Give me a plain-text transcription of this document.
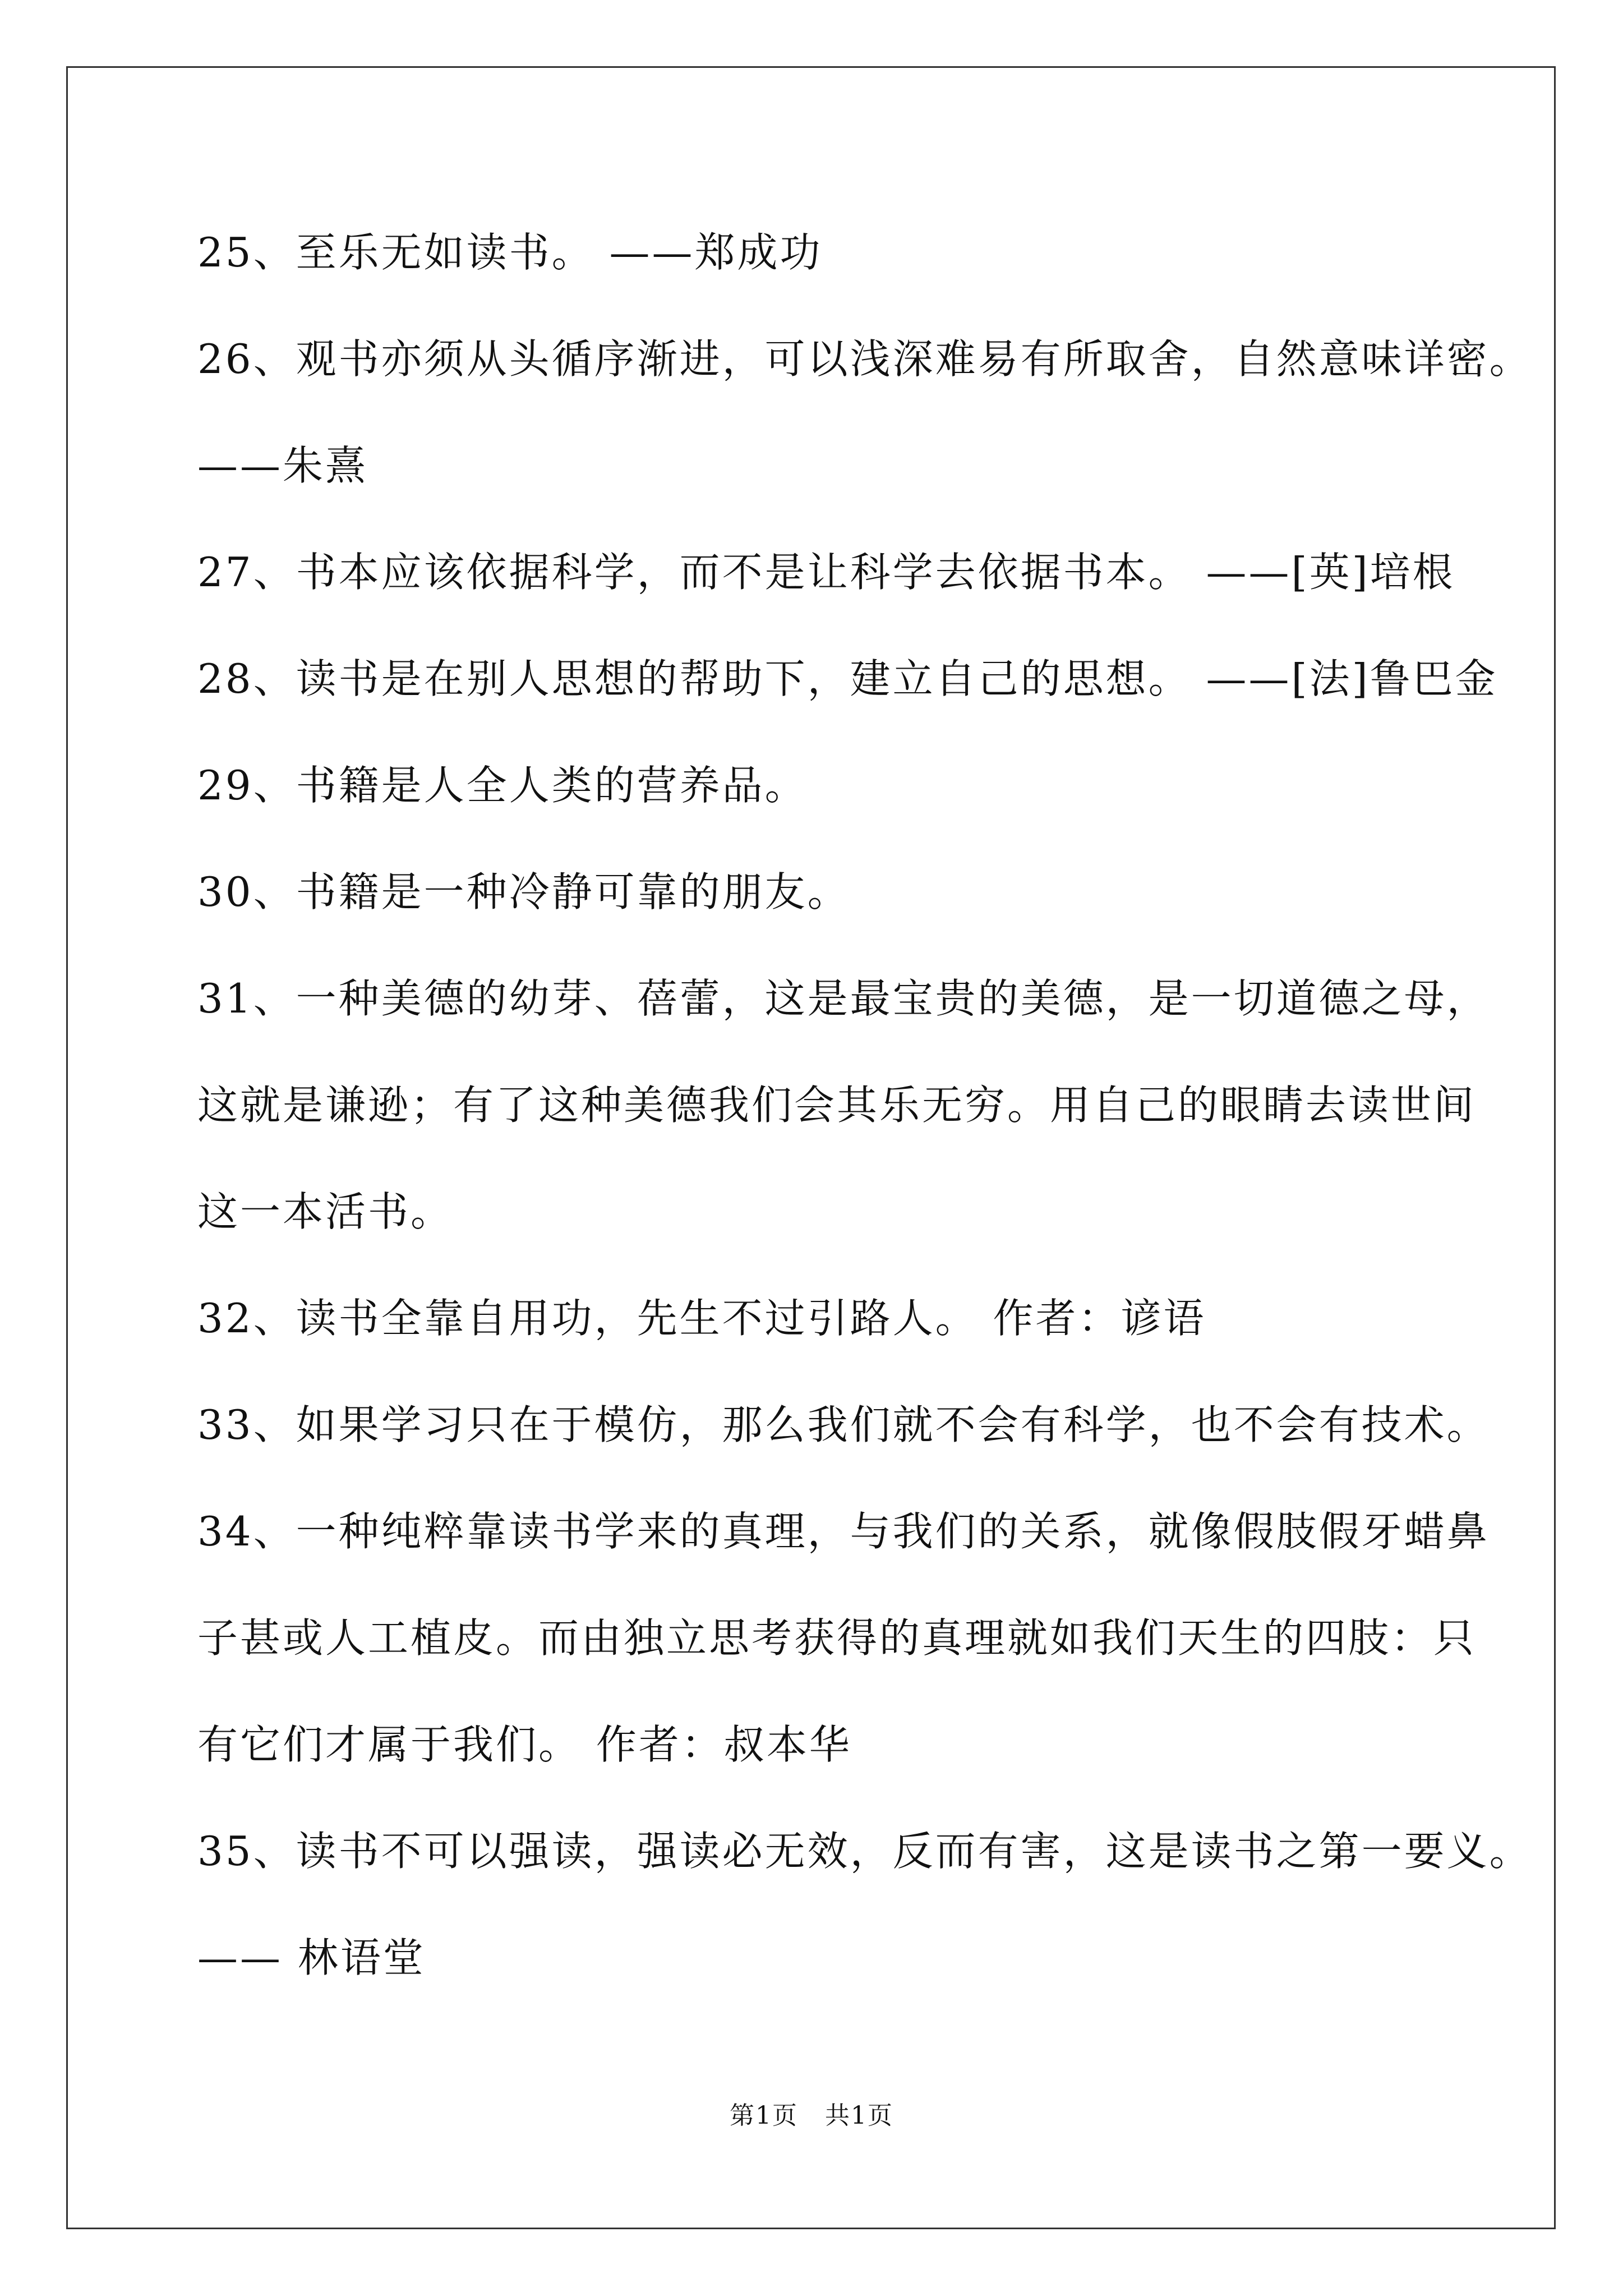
25、至乐无如读书。 ——郑成功
26、观书亦须从头循序渐进，可以浅深难易有所取舍，自然意味详密。
——朱熹
27、书本应该依据科学，而不是让科学去依据书本。 ——[英]培根
28、读书是在别人思想的帮助下，建立自己的思想。 ——[法]鲁巴金
29、书籍是人全人类的营养品。
30、书籍是一种冷静可靠的朋友。
31、一种美德的幼芽、蓓蕾，这是最宝贵的美德，是一切道德之母，
这就是谦逊；有了这种美德我们会其乐无穷。用自己的眼睛去读世间
这一本活书。
32、读书全靠自用功，先生不过引路人。 作者：谚语
33、如果学习只在于模仿，那么我们就不会有科学，也不会有技术。
34、一种纯粹靠读书学来的真理，与我们的关系，就像假肢假牙蜡鼻
子甚或人工植皮。而由独立思考获得的真理就如我们天生的四肢：只
有它们才属于我们。 作者：叔本华
35、读书不可以强读，强读必无效，反而有害，这是读书之第一要义。
—— 林语堂
第1页   共1页
